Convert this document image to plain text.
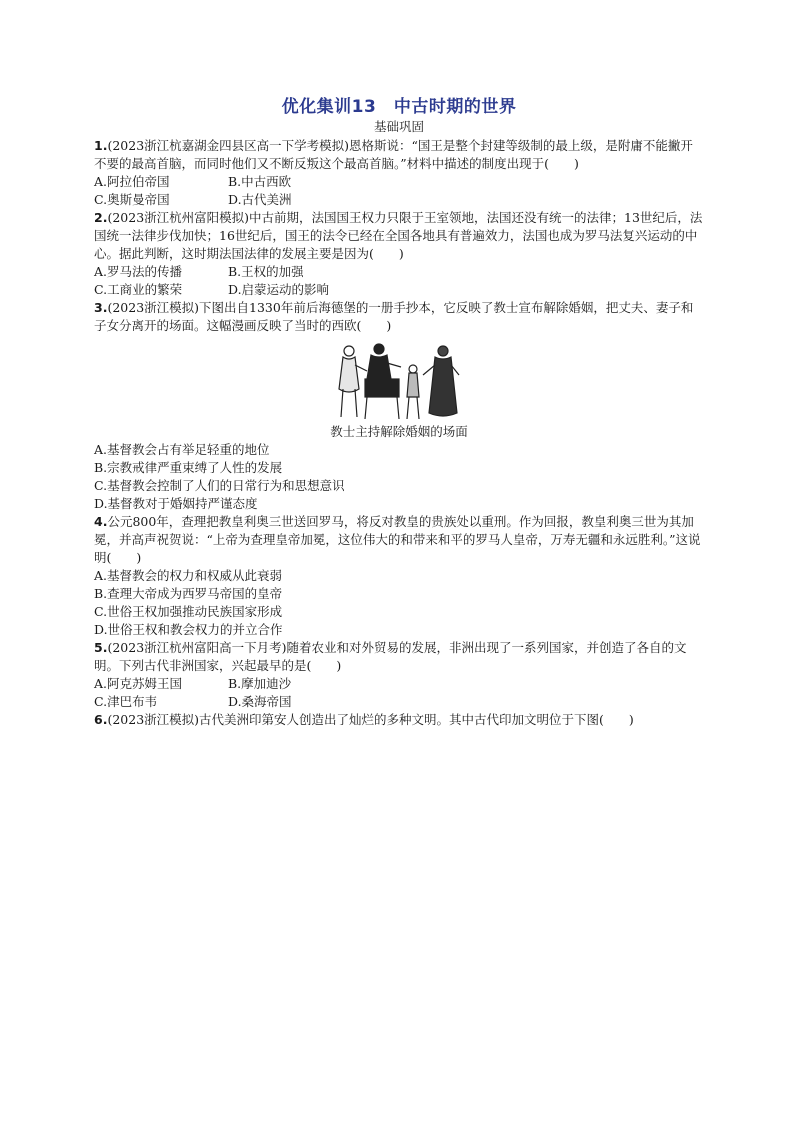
优化集训13　中古时期的世界
基础巩固

1.(2023浙江杭嘉湖金四县区高一下学考模拟)恩格斯说：“国王是整个封建等级制的最上级，是附庸不能撇开不要的最高首脑，而同时他们又不断反叛这个最高首脑。”材料中描述的制度出现于(　　)

A.阿拉伯帝国	B.中古西欧
C.奥斯曼帝国	D.古代美洲

2.(2023浙江杭州富阳模拟)中古前期，法国国王权力只限于王室领地，法国还没有统一的法律；13世纪后，法国统一法律步伐加快；16世纪后，国王的法令已经在全国各地具有普遍效力，法国也成为罗马法复兴运动的中心。据此判断，这时期法国法律的发展主要是因为(　　)

A.罗马法的传播	B.王权的加强
C.工商业的繁荣	D.启蒙运动的影响

3.(2023浙江模拟)下图出自1330年前后海德堡的一册手抄本，它反映了教士宣布解除婚姻，把丈夫、妻子和子女分离开的场面。这幅漫画反映了当时的西欧(　　)

教士主持解除婚姻的场面
A.基督教会占有举足轻重的地位
B.宗教戒律严重束缚了人性的发展
C.基督教会控制了人们的日常行为和思想意识
D.基督教对于婚姻持严谨态度

4.公元800年，查理把教皇利奥三世送回罗马，将反对教皇的贵族处以重刑。作为回报，教皇利奥三世为其加冕，并高声祝贺说：“上帝为查理皇帝加冕，这位伟大的和带来和平的罗马人皇帝，万寿无疆和永远胜利。”这说明(　　)

A.基督教会的权力和权威从此衰弱
B.查理大帝成为西罗马帝国的皇帝
C.世俗王权加强推动民族国家形成
D.世俗王权和教会权力的并立合作

5.(2023浙江杭州富阳高一下月考)随着农业和对外贸易的发展，非洲出现了一系列国家，并创造了各自的文明。下列古代非洲国家，兴起最早的是(　　)

A.阿克苏姆王国	B.摩加迪沙
C.津巴布韦	D.桑海帝国

6.(2023浙江模拟)古代美洲印第安人创造出了灿烂的多种文明。其中古代印加文明位于下图(　　)
